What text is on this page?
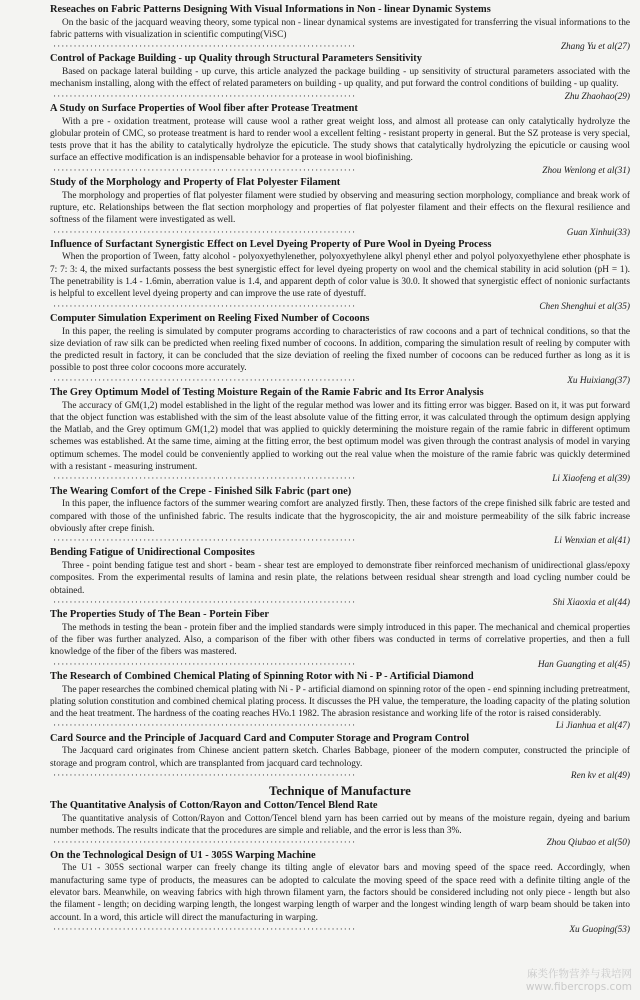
Reseaches on Fabric Patterns Designing With Visual Informations in Non - linear Dynamic Systems

On the basic of the jacquard weaving theory, some typical non - linear dynamical systems are investigated for transferring the visual informations to the fabric patterns with visualization in scientific computing(ViSC)

··········································································	Zhang Yu et al(27)

Control of Package Building - up Quality through Structural Parameters Sensitivity

Based on package lateral building - up curve, this article analyzed the package building - up sensitivity of structural parameters associated with the mechanism installing, along with the effect of related parameters on building - up quality, and put forward the control conditions of building - up quality.

··········································································	Zhu Zhaohao(29)

A Study on Surface Properties of Wool fiber after Protease Treatment

With a pre - oxidation treatment, protease will cause wool a rather great weight loss, and almost all protease can only catalytically hydrolyze the globular protein of CMC, so protease treatment is hard to render wool a excellent felting - resistant property in general. But the SZ protease is very special, tests prove that it has the ability to catalytically hydrolyze the epicuticle. The study shows that catalytically hydrolyzing the epicuticle or causing wool surface an effective modification is an indispensable behavior for a protease in wool biofinishing.

··········································································	Zhou Wenlong et al(31)

Study of the Morphology and Property of Flat Polyester Filament

The morphology and properties of flat polyester filament were studied by observing and measuring section morphology, compliance and break work of rupture, etc. Relationships between the flat section morphology and properties of flat polyester filament and their effects on the flexural resilience and softness of the filament were investigated as well.

··········································································	Guan Xinhui(33)

Influence of Surfactant Synergistic Effect on Level Dyeing Property of Pure Wool in Dyeing Process

When the proportion of Tween, fatty alcohol - polyoxyethylenether, polyoxyethylene alkyl phenyl ether and polyol polyoxyethylene ether phosphate is 7: 7: 3: 4, the mixed surfactants possess the best synergistic effect for level dyeing property on wool and the chemical stability in acid solution (pH = 1). The penetrability is 1.4 - 1.6min, aberration value is 1.4, and apparent depth of color value is 30.0. It showed that synergistic effect of nonionic surfactants is helpful to excellent level dyeing property and can improve the use rate of dyestuff.

··········································································	Chen Shenghui et al(35)

Computer Simulation Experiment on Reeling Fixed Number of Cocoons

In this paper, the reeling is simulated by computer programs according to characteristics of raw cocoons and a part of technical conditions, so that the size deviation of raw silk can be predicted when reeling fixed number of cocoons. In addition, comparing the simulation result of reeling by computer with the predicted result in factory, it can be concluded that the size deviation of reeling the fixed number of cocoons can be reduced further as long as it is possible to post three color cocoons more accurately.

··········································································	Xu Huixiang(37)

The Grey Optimum Model of Testing Moisture Regain of the Ramie Fabric and Its Error Analysis

The accuracy of GM(1,2) model established in the light of the regular method was lower and its fitting error was bigger. Based on it, it was put forward that the object function was established with the sim of the least absolute value of the fitting error, it was calculated through the optimum design applying the Matlab, and the Grey optimum GM(1,2) model that was applied to quickly determining the moisture regain of the ramie fabric in different optimum schemes was established. At the same time, aiming at the fitting error, the best optimum model was given through the contrast analysis of model in varying optimum schemes. The model could be conveniently applied to working out the real value when the moisture of the ramie fabric was quickly determined with a resistant - measuring instrument.

··········································································	Li Xiaofeng et al(39)

The Wearing Comfort of the Crepe - Finished Silk Fabric (part one)

In this paper, the influence factors of the summer wearing comfort are analyzed firstly. Then, these factors of the crepe finished silk fabric are tested and compared with those of the unfinished fabric. The results indicate that the hygroscopicity, the air and moisture permeability of the silk fabric increase obviously after crepe finish.

··········································································	Li Wenxian et al(41)

Bending Fatigue of Unidirectional Composites

Three - point bending fatigue test and short - beam - shear test are employed to demonstrate fiber reinforced mechanism of unidirectional glass/epoxy composites. From the experimental results of lamina and resin plate, the relations between residual shear strength and load cycling number could be obtained.

··········································································	Shi Xiaoxia et al(44)

The Properties Study of The Bean - Portein Fiber

The methods in testing the bean - protein fiber and the implied standards were simply introduced in this paper. The mechanical and chemical properties of the fiber was further analyzed. Also, a comparison of the fiber with other fibers was conducted in terms of correlative properties, and then a full knowledge of the fiber of the fibers was mastered.

··········································································	Han Guangting et al(45)

The Research of Combined Chemical Plating of Spinning Rotor with Ni - P - Artificial Diamond

The paper researches the combined chemical plating with Ni - P - artificial diamond on spinning rotor of the open - end spinning including pretreatment, plating solution constitution and combined chemical plating process. It discusses the PH value, the temperature, the loading capacity of the plating solution and the heat treatment. The hardness of the coating reaches HVo.1 1982. The abrasion resistance and working life of the rotor is raised considerably.

··········································································	Li Jianhua et al(47)

Card Source and the Principle of Jacquard Card and Computer Storage and Program Control

The Jacquard card originates from Chinese ancient pattern sketch. Charles Babbage, pioneer of the modern computer, constructed the principle of storage and program control, which are transplanted from jacquard card technology.

··········································································	Ren kv et al(49)
Technique of Manufacture

The Quantitative Analysis of Cotton/Rayon and Cotton/Tencel Blend Rate

The quantitative analysis of Cotton/Rayon and Cotton/Tencel blend yarn has been carried out by means of the moisture regain, dyeing and barium number methods. The results indicate that the procedures are simple and reliable, and the error is less than 3%.

··········································································	Zhou Qiubao et al(50)

On the Technological Design of U1 - 305S Warping Machine

The U1 - 305S sectional warper can freely change its tilting angle of elevator bars and moving speed of the space reed. Accordingly, when manufacturing same type of products, the measures can be adopted to calculate the moving speed of the space reed with a definite tilting angle of the elevator bars. Meanwhile, on weaving fabrics with high thrown filament yarn, the factors should be considered including not only piece - length but also the filament - length; on deciding warping length, the longest warping length of warper and the longest winding length of warp beam should be taken into account. In a word, this article will direct the manufacturing in warping.

··········································································	Xu Guoping(53)
麻类作物营养与栽培网
www.fibercrops.com
